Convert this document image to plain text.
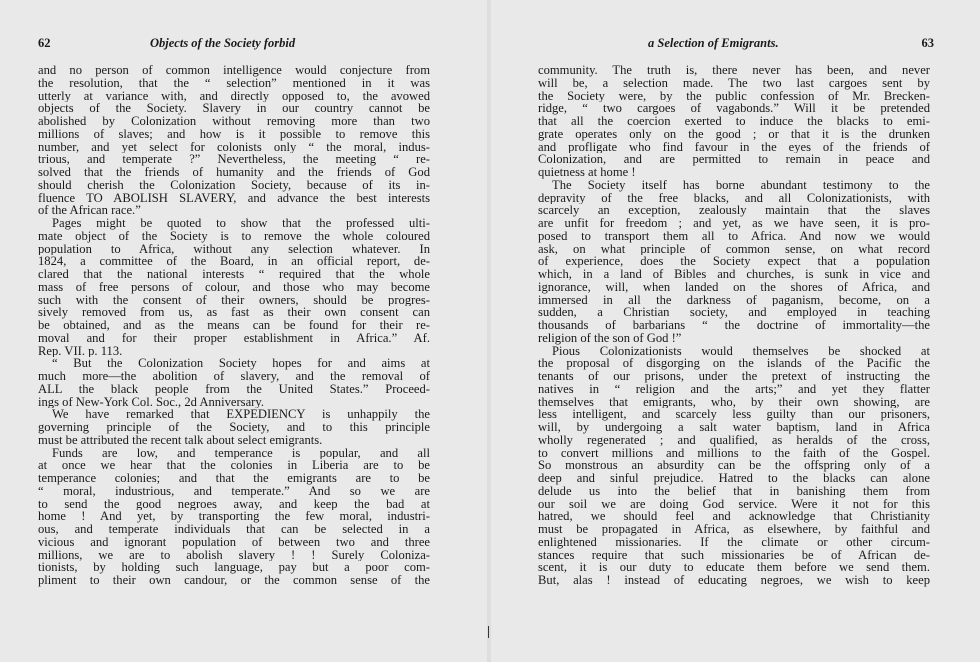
62	Objects of the Society forbid
and no person of common intelligence would conjecture from
the resolution, that the “ selection” mentioned in it was
utterly at variance with, and directly opposed to, the avowed
objects of the Society. Slavery in our country cannot be
abolished by Colonization without removing more than two
millions of slaves; and how is it possible to remove this
number, and yet select for colonists only “ the moral, indus-
trious, and temperate ?” Nevertheless, the meeting “ re-
solved that the friends of humanity and the friends of God
should cherish the Colonization Society, because of its in-
fluence TO ABOLISH SLAVERY, and advance the best interests
of the African race.”
Pages might be quoted to show that the professed ulti-
mate object of the Society is to remove the whole coloured
population to Africa, without any selection whatever. In
1824, a committee of the Board, in an official report, de-
clared that the national interests “ required that the whole
mass of free persons of colour, and those who may become
such with the consent of their owners, should be progres-
sively removed from us, as fast as their own consent can
be obtained, and as the means can be found for their re-
moval and for their proper establishment in Africa.” Af.
Rep. VII. p. 113.
“ But the Colonization Society hopes for and aims at
much more—the abolition of slavery, and the removal of
ALL the black people from the United States.” Proceed-
ings of New-York Col. Soc., 2d Anniversary.
We have remarked that EXPEDIENCY is unhappily the
governing principle of the Society, and to this principle
must be attributed the recent talk about select emigrants.
Funds are low, and temperance is popular, and all
at once we hear that the colonies in Liberia are to be
temperance colonies; and that the emigrants are to be
“ moral, industrious, and temperate.” And so we are
to send the good negroes away, and keep the bad at
home ! And yet, by transporting the few moral, industri-
ous, and temperate individuals that can be selected in a
vicious and ignorant population of between two and three
millions, we are to abolish slavery ! ! Surely Coloniza-
tionists, by holding such language, pay but a poor com-
pliment to their own candour, or the common sense of the
a Selection of Emigrants.	63
community. The truth is, there never has been, and never
will be, a selection made. The two last cargoes sent by
the Society were, by the public confession of Mr. Brecken-
ridge, “ two cargoes of vagabonds.” Will it be pretended
that all the coercion exerted to induce the blacks to emi-
grate operates only on the good ; or that it is the drunken
and profligate who find favour in the eyes of the friends of
Colonization, and are permitted to remain in peace and
quietness at home !
The Society itself has borne abundant testimony to the
depravity of the free blacks, and all Colonizationists, with
scarcely an exception, zealously maintain that the slaves
are unfit for freedom ; and yet, as we have seen, it is pro-
posed to transport them all to Africa. And now we would
ask, on what principle of common sense, on what record
of experience, does the Society expect that a population
which, in a land of Bibles and churches, is sunk in vice and
ignorance, will, when landed on the shores of Africa, and
immersed in all the darkness of paganism, become, on a
sudden, a Christian society, and employed in teaching
thousands of barbarians “ the doctrine of immortality—the
religion of the son of God !”
Pious Colonizationists would themselves be shocked at
the proposal of disgorging on the islands of the Pacific the
tenants of our prisons, under the pretext of instructing the
natives in “ religion and the arts;” and yet they flatter
themselves that emigrants, who, by their own showing, are
less intelligent, and scarcely less guilty than our prisoners,
will, by undergoing a salt water baptism, land in Africa
wholly regenerated ; and qualified, as heralds of the cross,
to convert millions and millions to the faith of the Gospel.
So monstrous an absurdity can be the offspring only of a
deep and sinful prejudice. Hatred to the blacks can alone
delude us into the belief that in banishing them from
our soil we are doing God service. Were it not for this
hatred, we should feel and acknowledge that Christianity
must be propagated in Africa, as elsewhere, by faithful and
enlightened missionaries. If the climate or other circum-
stances require that such missionaries be of African de-
scent, it is our duty to educate them before we send them.
But, alas ! instead of educating negroes, we wish to keep
